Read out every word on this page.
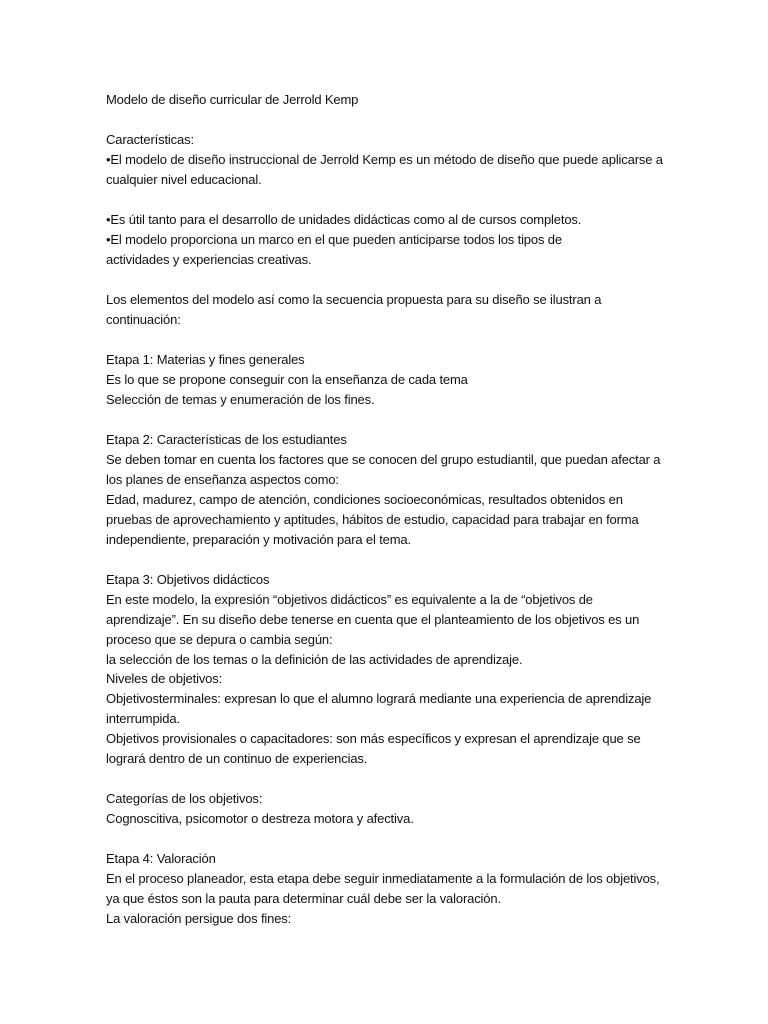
Modelo de diseño curricular de Jerrold Kemp
Características:
•El modelo de diseño instruccional de Jerrold Kemp es un método de diseño que puede aplicarse a
cualquier nivel educacional.
•Es útil tanto para el desarrollo de unidades didácticas como al de cursos completos.
•El modelo proporciona un marco en el que pueden anticiparse todos los tipos de
actividades y experiencias creativas.
Los elementos del modelo así como la secuencia propuesta para su diseño se ilustran a
continuación:
Etapa 1: Materias y fines generales
Es lo que se propone conseguir con la enseñanza de cada tema
Selección de temas y enumeración de los fines.
Etapa 2: Características de los estudiantes
Se deben tomar en cuenta los factores que se conocen del grupo estudiantil, que puedan afectar a
los planes de enseñanza aspectos como:
Edad, madurez, campo de atención, condiciones socioeconómicas, resultados obtenidos en
pruebas de aprovechamiento y aptitudes, hábitos de estudio, capacidad para trabajar en forma
independiente, preparación y motivación para el tema.
Etapa 3: Objetivos didácticos
En este modelo, la expresión “objetivos didácticos” es equivalente a la de “objetivos de
aprendizaje”. En su diseño debe tenerse en cuenta que el planteamiento de los objetivos es un
proceso que se depura o cambia según:
la selección de los temas o la definición de las actividades de aprendizaje.
Niveles de objetivos:
Objetivosterminales: expresan lo que el alumno logrará mediante una experiencia de aprendizaje
interrumpida.
Objetivos provisionales o capacitadores: son más específicos y expresan el aprendizaje que se
logrará dentro de un continuo de experiencias.
Categorías de los objetivos:
Cognoscitiva, psicomotor o destreza motora y afectiva.
Etapa 4: Valoración
En el proceso planeador, esta etapa debe seguir inmediatamente a la formulación de los objetivos,
ya que éstos son la pauta para determinar cuál debe ser la valoración.
La valoración persigue dos fines:
